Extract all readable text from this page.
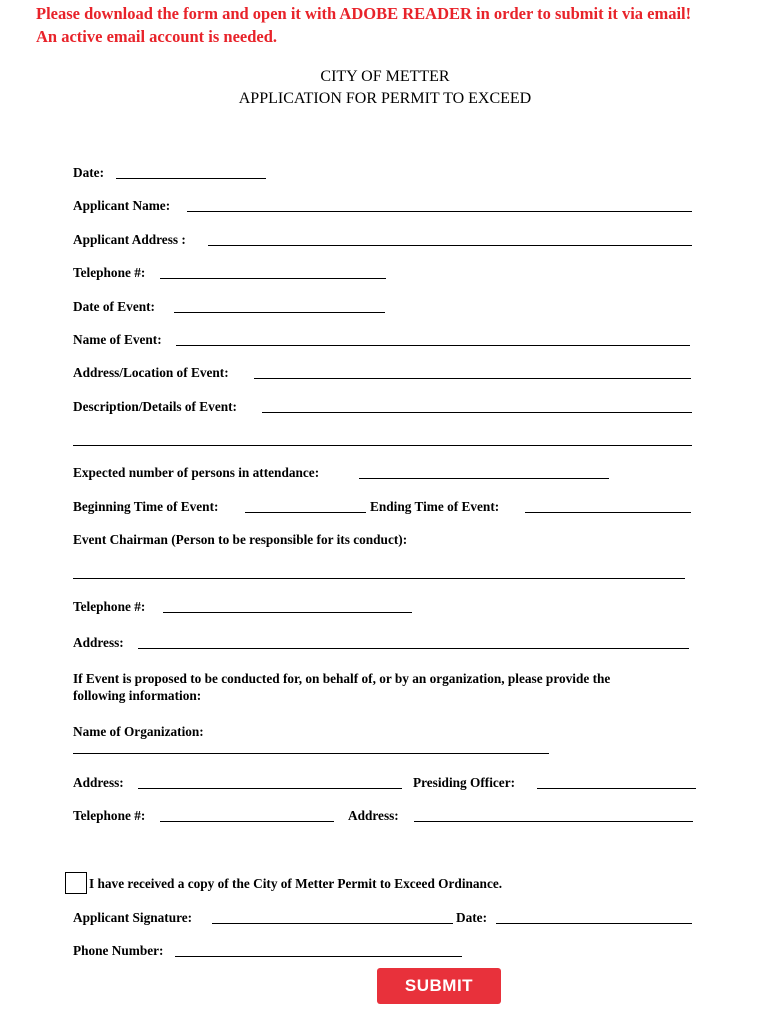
Please download the form and open it with ADOBE READER in order to submit it via email!
An active email account is needed.
CITY OF METTER
APPLICATION FOR PERMIT TO EXCEED
Date:
Applicant Name:
Applicant Address :
Telephone #:
Date of Event:
Name of Event:
Address/Location of Event:
Description/Details of Event:
Expected number of persons in attendance:
Beginning Time of Event:	Ending Time of Event:
Event Chairman (Person to be responsible for its conduct):
Telephone #:
Address:
If Event is proposed to be conducted for, on behalf of, or by an organization, please provide the
following information:
Name of Organization:
Address:	Presiding Officer:
Telephone #:	Address:
I have received a copy of the City of Metter Permit to Exceed Ordinance.
Applicant Signature:	Date:
Phone Number:
SUBMIT
